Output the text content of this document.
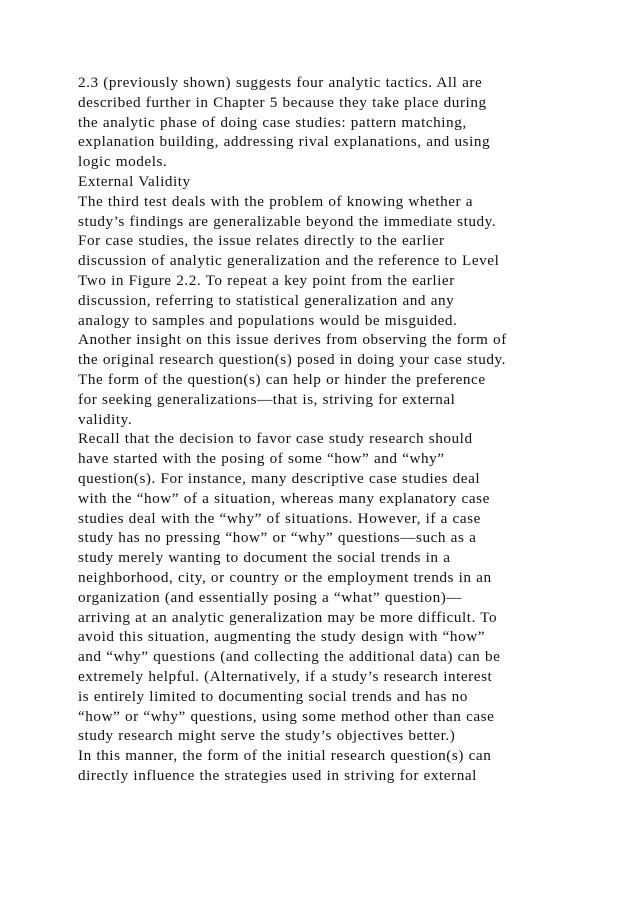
2.3 (previously shown) suggests four analytic tactics. All are
described further in Chapter 5 because they take place during
the analytic phase of doing case studies: pattern matching,
explanation building, addressing rival explanations, and using
logic models.
External Validity
The third test deals with the problem of knowing whether a
study’s findings are generalizable beyond the immediate study.
For case studies, the issue relates directly to the earlier
discussion of analytic generalization and the reference to Level
Two in Figure 2.2. To repeat a key point from the earlier
discussion, referring to statistical generalization and any
analogy to samples and populations would be misguided.
Another insight on this issue derives from observing the form of
the original research question(s) posed in doing your case study.
The form of the question(s) can help or hinder the preference
for seeking generalizations—that is, striving for external
validity.
Recall that the decision to favor case study research should
have started with the posing of some “how” and “why”
question(s). For instance, many descriptive case studies deal
with the “how” of a situation, whereas many explanatory case
studies deal with the “why” of situations. However, if a case
study has no pressing “how” or “why” questions—such as a
study merely wanting to document the social trends in a
neighborhood, city, or country or the employment trends in an
organization (and essentially posing a “what” question)—
arriving at an analytic generalization may be more difficult. To
avoid this situation, augmenting the study design with “how”
and “why” questions (and collecting the additional data) can be
extremely helpful. (Alternatively, if a study’s research interest
is entirely limited to documenting social trends and has no
“how” or “why” questions, using some method other than case
study research might serve the study’s objectives better.)
In this manner, the form of the initial research question(s) can
directly influence the strategies used in striving for external
